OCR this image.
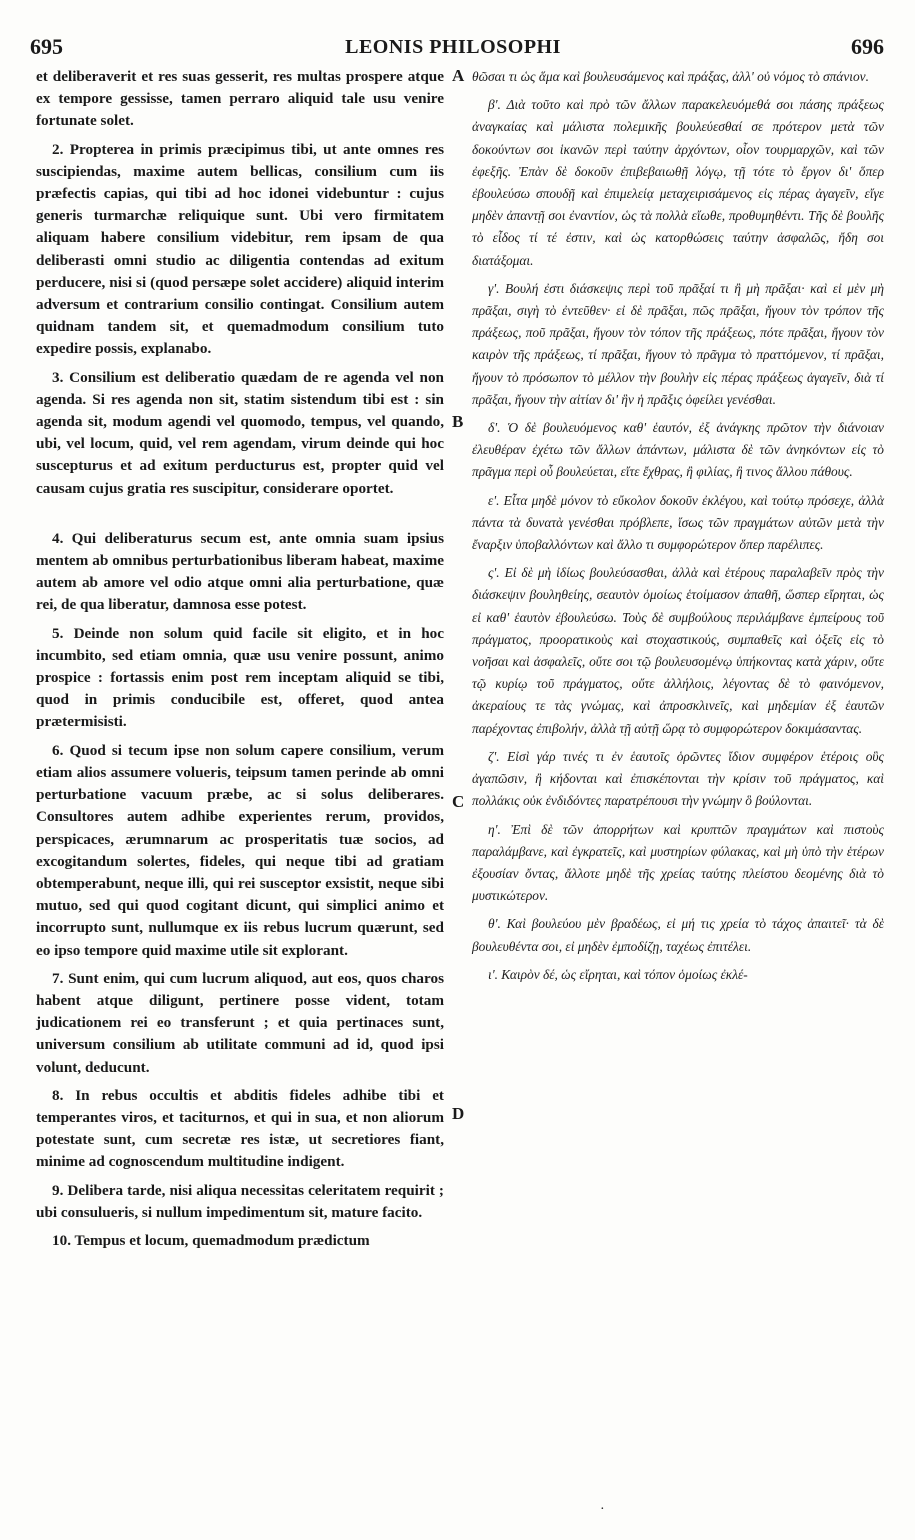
695	LEONIS PHILOSOPHI	696

et deliberaverit et res suas gesserit, res multas prospere atque ex tempore gessisse, tamen perraro aliquid tale usu venire fortunate solet.

2. Propterea in primis præcipimus tibi, ut ante omnes res suscipiendas, maxime autem bellicas, consilium cum iis præfectis capias, qui tibi ad hoc idonei videbuntur : cujus generis turmarchæ reliquique sunt. Ubi vero firmitatem aliquam habere consilium videbitur, rem ipsam de qua deliberasti omni studio ac diligentia contendas ad exitum perducere, nisi si (quod persæpe solet accidere) aliquid interim adversum et contrarium consilio contingat. Consilium autem quidnam tandem sit, et quemadmodum consilium tuto expedire possis, explanabo.

3. Consilium est deliberatio quædam de re agenda vel non agenda. Si res agenda non sit, statim sistendum tibi est : sin agenda sit, modum agendi vel quomodo, tempus, vel quando, ubi, vel locum, quid, vel rem agendam, virum deinde qui hoc suscepturus et ad exitum perducturus est, propter quid vel causam cujus gratia res suscipitur, considerare oportet.

4. Qui deliberaturus secum est, ante omnia suam ipsius mentem ab omnibus perturbationibus liberam habeat, maxime autem ab amore vel odio atque omni alia perturbatione, quæ rei, de qua liberatur, damnosa esse potest.

5. Deinde non solum quid facile sit eligito, et in hoc incumbito, sed etiam omnia, quæ usu venire possunt, animo prospice : fortassis enim post rem inceptam aliquid se tibi, quod in primis conducibile est, offeret, quod antea prætermisisti.

6. Quod si tecum ipse non solum capere consilium, verum etiam alios assumere volueris, teipsum tamen perinde ab omni perturbatione vacuum præbe, ac si solus deliberares. Consultores autem adhibe experientes rerum, providos, perspicaces, ærumnarum ac prosperitatis tuæ socios, ad excogitandum solertes, fideles, qui neque tibi ad gratiam obtemperabunt, neque illi, qui rei susceptor exsistit, neque sibi mutuo, sed qui quod cogitant dicunt, qui simplici animo et incorrupto sunt, nullumque ex iis rebus lucrum quærunt, sed eo ipso tempore quid maxime utile sit explorant.

7. Sunt enim, qui cum lucrum aliquod, aut eos, quos charos habent atque diligunt, pertinere posse vident, totam judicationem rei eo transferunt ; et quia pertinaces sunt, universum consilium ab utilitate communi ad id, quod ipsi volunt, deducunt.

8. In rebus occultis et abditis fideles adhibe tibi et temperantes viros, et taciturnos, et qui in sua, et non aliorum potestate sunt, cum secretæ res istæ, ut secretiores fiant, minime ad cognoscendum multitudine indigent.

9. Delibera tarde, nisi aliqua necessitas celeritatem requirit ; ubi consulueris, si nullum impedimentum sit, mature facito.

10. Tempus et locum, quemadmodum prædictum

A
B
C
D

θῶσαι τι ὡς ἅμα καὶ βουλευσάμενος καὶ πράξας, ἀλλ' οὐ νόμος τὸ σπάνιον.

β'. Διὰ τοῦτο καὶ πρὸ τῶν ἄλλων παρακελευόμεθά σοι πάσης πράξεως ἀναγκαίας καὶ μάλιστα πολεμικῆς βουλεύεσθαί σε πρότερον μετὰ τῶν δοκούντων σοι ἱκανῶν περὶ ταύτην ἀρχόντων, οἷον τουρμαρχῶν, καὶ τῶν ἐφεξῆς. Ἐπὰν δὲ δοκοῦν ἐπιβεβαιωθῇ λόγῳ, τῇ τότε τὸ ἔργον δι' ὅπερ ἐβουλεύσω σπουδῇ καὶ ἐπιμελείᾳ μεταχειρισάμενος εἰς πέρας ἀγαγεῖν, εἴγε μηδὲν ἀπαντῇ σοι ἐναντίον, ὡς τὰ πολλὰ εἴωθε, προθυμηθέντι. Τῆς δὲ βουλῆς τὸ εἶδος τί τέ ἐστιν, καὶ ὡς κατορθώσεις ταύτην ἀσφαλῶς, ἤδη σοι διατάξομαι.

γ'. Βουλή ἐστι διάσκεψις περὶ τοῦ πρᾶξαί τι ἢ μὴ πρᾶξαι· καὶ εἰ μὲν μὴ πρᾶξαι, σιγὴ τὸ ἐντεῦθεν· εἰ δὲ πρᾶξαι, πῶς πρᾶξαι, ἤγουν τὸν τρόπον τῆς πράξεως, ποῦ πρᾶξαι, ἤγουν τὸν τόπον τῆς πράξεως, πότε πρᾶξαι, ἤγουν τὸν καιρὸν τῆς πράξεως, τί πρᾶξαι, ἤγουν τὸ πρᾶγμα τὸ πραττόμενον, τί πρᾶξαι, ἤγουν τὸ πρόσωπον τὸ μέλλον τὴν βουλὴν εἰς πέρας πράξεως ἀγαγεῖν, διὰ τί πρᾶξαι, ἤγουν τὴν αἰτίαν δι' ἣν ἡ πρᾶξις ὀφείλει γενέσθαι.

δ'. Ὁ δὲ βουλευόμενος καθ' ἑαυτόν, ἐξ ἀνάγκης πρῶτον τὴν διάνοιαν ἐλευθέραν ἐχέτω τῶν ἄλλων ἁπάντων, μάλιστα δὲ τῶν ἀνηκόντων εἰς τὸ πρᾶγμα περὶ οὗ βουλεύεται, εἴτε ἔχθρας, ἢ φιλίας, ἢ τινος ἄλλου πάθους.

ε'. Εἶτα μηδὲ μόνον τὸ εὔκολον δοκοῦν ἐκλέγου, καὶ τούτῳ πρόσεχε, ἀλλὰ πάντα τὰ δυνατὰ γενέσθαι πρόβλεπε, ἴσως τῶν πραγμάτων αὐτῶν μετὰ τὴν ἔναρξιν ὑποβαλλόντων καὶ ἄλλο τι συμφορώτερον ὅπερ παρέλιπες.

ς'. Εἰ δὲ μὴ ἰδίως βουλεύσασθαι, ἀλλὰ καὶ ἑτέρους παραλαβεῖν πρὸς τὴν διάσκεψιν βουληθείης, σεαυτὸν ὁμοίως ἑτοίμασον ἀπαθῆ, ὥσπερ εἴρηται, ὡς εἰ καθ' ἑαυτὸν ἐβουλεύσω. Τοὺς δὲ συμβούλους περιλάμβανε ἐμπείρους τοῦ πράγματος, προορατικοὺς καὶ στοχαστικούς, συμπαθεῖς καὶ ὀξεῖς εἰς τὸ νοῆσαι καὶ ἀσφαλεῖς, οὔτε σοι τῷ βουλευσομένῳ ὑπήκοντας κατὰ χάριν, οὔτε τῷ κυρίῳ τοῦ πράγματος, οὔτε ἀλλήλοις, λέγοντας δὲ τὸ φαινόμενον, ἀκεραίους τε τὰς γνώμας, καὶ ἀπροσκλινεῖς, καὶ μηδεμίαν ἐξ ἑαυτῶν παρέχοντας ἐπιβολήν, ἀλλὰ τῇ αὐτῇ ὥρᾳ τὸ συμφορώτερον δοκιμάσαντας.

ζ'. Εἰσὶ γάρ τινές τι ἐν ἑαυτοῖς ὁρῶντες ἴδιον συμφέρον ἑτέροις οὓς ἀγαπῶσιν, ἢ κήδονται καὶ ἐπισκέπονται τὴν κρίσιν τοῦ πράγματος, καὶ πολλάκις οὐκ ἐνδιδόντες παρατρέπουσι τὴν γνώμην ὃ βούλονται.

η'. Ἐπὶ δὲ τῶν ἀπορρήτων καὶ κρυπτῶν πραγμάτων καὶ πιστοὺς παραλάμβανε, καὶ ἐγκρατεῖς, καὶ μυστηρίων φύλακας, καὶ μὴ ὑπὸ τὴν ἑτέρων ἐξουσίαν ὄντας, ἄλλοτε μηδὲ τῆς χρείας ταύτης πλείστου δεομένης διὰ τὸ μυστικώτερον.

θ'. Καὶ βουλεύου μὲν βραδέως, εἰ μή τις χρεία τὸ τάχος ἀπαιτεῖ· τὰ δὲ βουλευθέντα σοι, εἰ μηδὲν ἐμποδίζῃ, ταχέως ἐπιτέλει.

ι'. Καιρὸν δέ, ὡς εἴρηται, καὶ τόπον ὁμοίως ἐκλέ-

·
